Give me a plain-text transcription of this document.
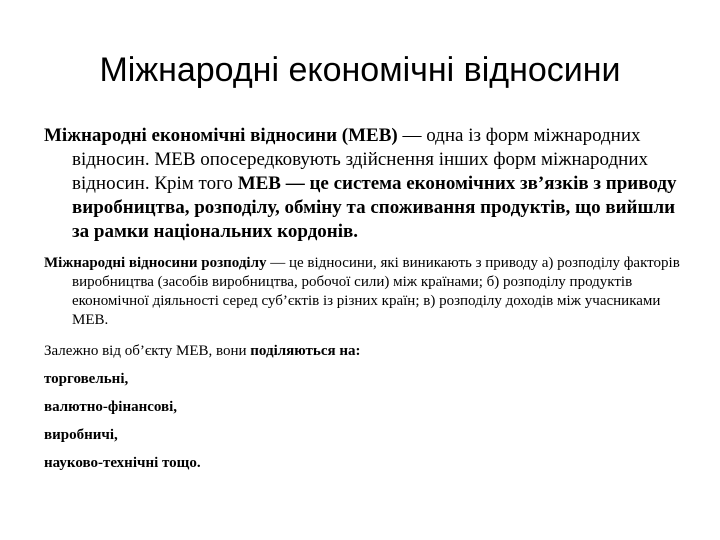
Міжнародні економічні відносини

Міжнародні економічні відносини (МЕВ) — одна із форм міжнародних відносин. МЕВ опосередковують здійснення інших форм міжнародних відносин. Крім того МЕВ — це система економічних зв’язків з приводу виробництва, розподілу, обміну та споживання продуктів, що вийшли за рамки національних кордонів.

Міжнародні відносини розподілу — це відносини, які виникають з приводу а) розподілу факторів виробництва (засобів виробництва, робочої сили) між країнами; б) розподілу продуктів економічної діяльності серед суб’єктів із різних країн; в) розподілу доходів між учасниками МЕВ.

Залежно від об’єкту МЕВ, вони поділяються на:

торговельні,

валютно-фінансові,

виробничі,

науково-технічні тощо.
